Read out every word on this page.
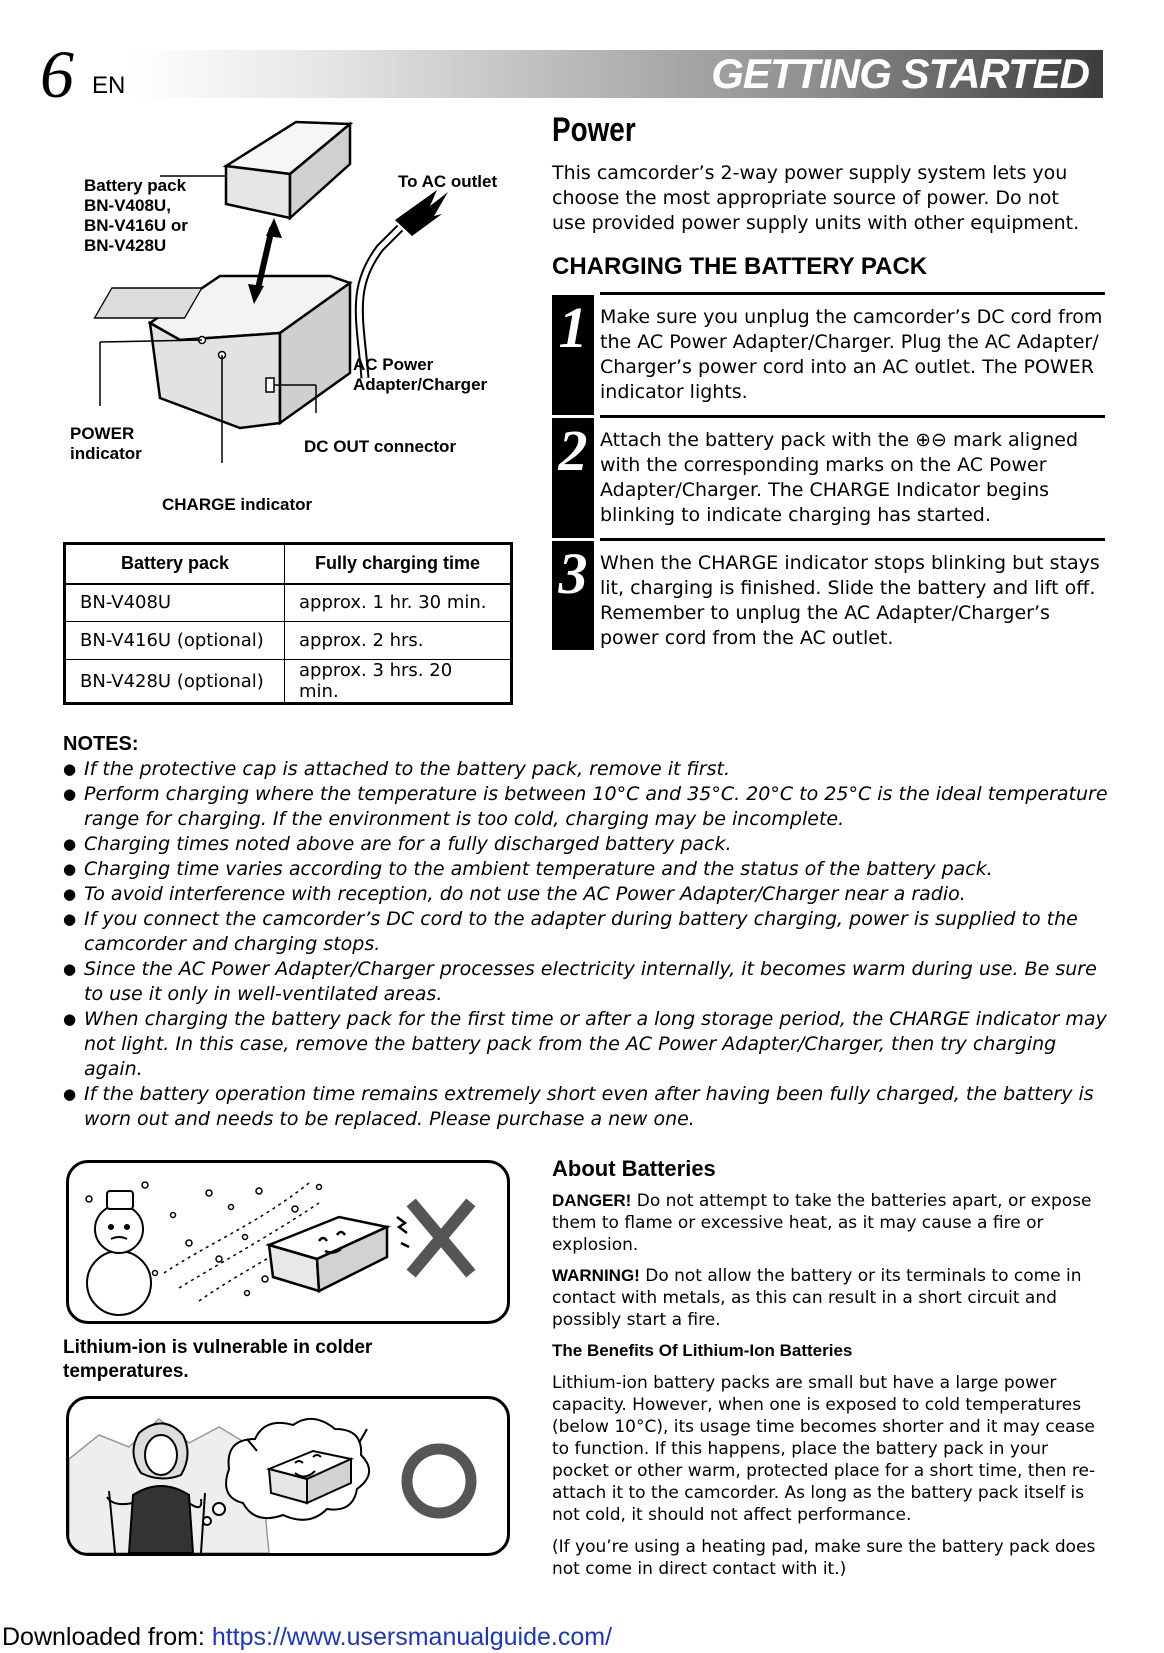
6 EN	GETTING STARTED
Battery pack
BN-V408U,
BN-V416U or
BN-V428U
To AC outlet
AC Power
Adapter/Charger
POWER
indicator	DC OUT connector
CHARGE indicator
Battery pack	Fully charging time
BN-V408U	approx. 1 hr. 30 min.
BN-V416U (optional)	approx. 2 hrs.
BN-V428U (optional)	approx. 3 hrs. 20 min.
Power
This camcorder’s 2-way power supply system lets you choose the most appropriate source of power. Do not use provided power supply units with other equipment.
CHARGING THE BATTERY PACK
1 Make sure you unplug the camcorder’s DC cord from the AC Power Adapter/Charger. Plug the AC Adapter/ Charger’s power cord into an AC outlet. The POWER indicator lights.
2 Attach the battery pack with the ⊕⊖ mark aligned with the corresponding marks on the AC Power Adapter/Charger. The CHARGE Indicator begins blinking to indicate charging has started.
3 When the CHARGE indicator stops blinking but stays lit, charging is finished. Slide the battery and lift off. Remember to unplug the AC Adapter/Charger’s power cord from the AC outlet.
NOTES:
● If the protective cap is attached to the battery pack, remove it first.
● Perform charging where the temperature is between 10°C and 35°C. 20°C to 25°C is the ideal temperature range for charging. If the environment is too cold, charging may be incomplete.
● Charging times noted above are for a fully discharged battery pack.
● Charging time varies according to the ambient temperature and the status of the battery pack.
● To avoid interference with reception, do not use the AC Power Adapter/Charger near a radio.
● If you connect the camcorder’s DC cord to the adapter during battery charging, power is supplied to the camcorder and charging stops.
● Since the AC Power Adapter/Charger processes electricity internally, it becomes warm during use. Be sure to use it only in well-ventilated areas.
● When charging the battery pack for the first time or after a long storage period, the CHARGE indicator may not light. In this case, remove the battery pack from the AC Power Adapter/Charger, then try charging again.
● If the battery operation time remains extremely short even after having been fully charged, the battery is worn out and needs to be replaced. Please purchase a new one.
Lithium-ion is vulnerable in colder
temperatures.
About Batteries
DANGER! Do not attempt to take the batteries apart, or expose them to flame or excessive heat, as it may cause a fire or explosion.
WARNING! Do not allow the battery or its terminals to come in contact with metals, as this can result in a short circuit and possibly start a fire.
The Benefits Of Lithium-Ion Batteries
Lithium-ion battery packs are small but have a large power capacity. However, when one is exposed to cold temperatures (below 10°C), its usage time becomes shorter and it may cease to function. If this happens, place the battery pack in your pocket or other warm, protected place for a short time, then re-attach it to the camcorder. As long as the battery pack itself is not cold, it should not affect performance.
(If you’re using a heating pad, make sure the battery pack does not come in direct contact with it.)
Downloaded from: https://www.usersmanualguide.com/
